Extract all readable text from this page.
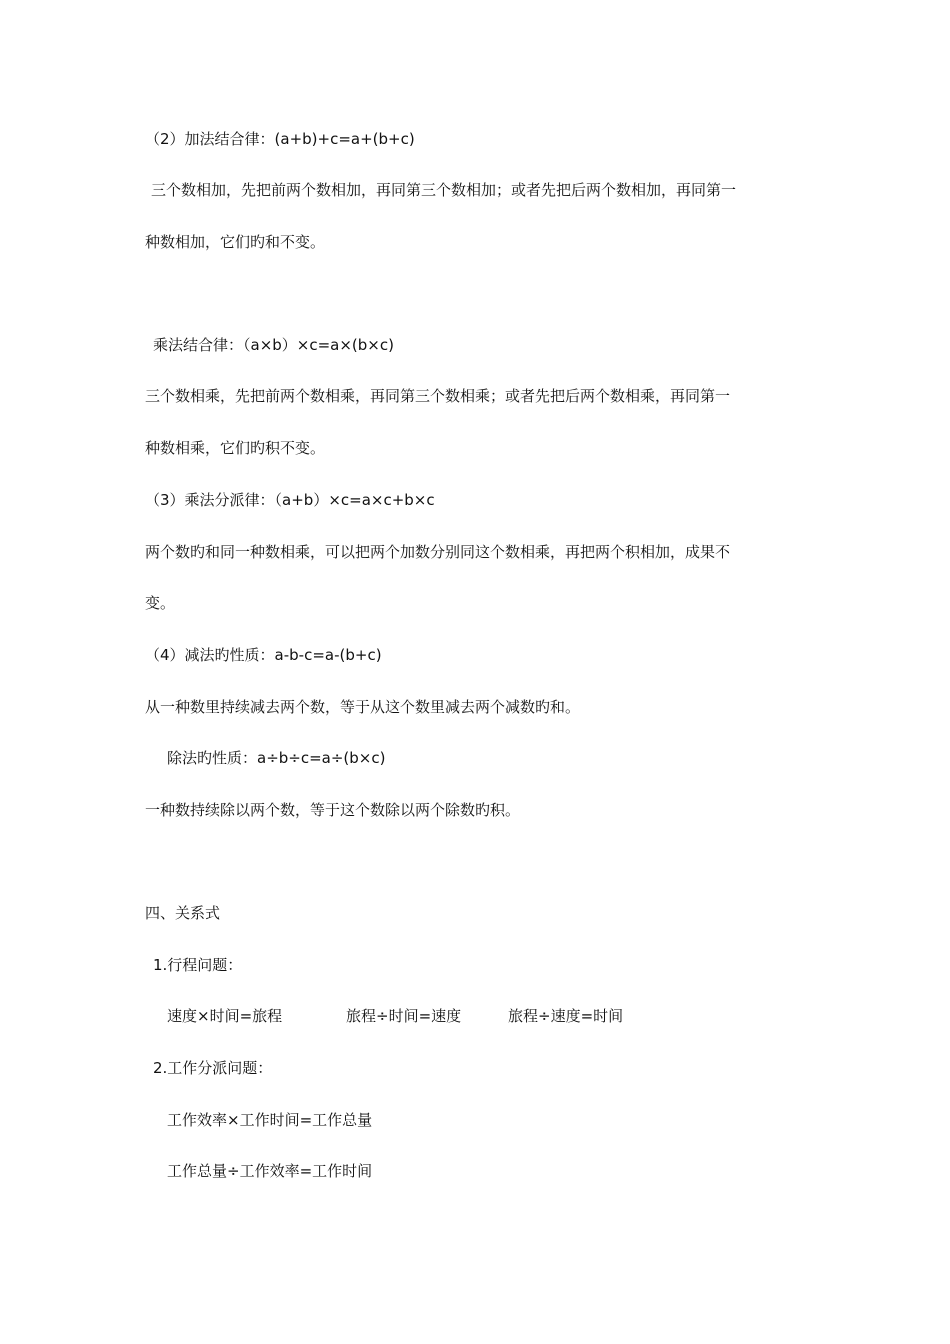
（2）加法结合律：(a+b)+c=a+(b+c)
三个数相加，先把前两个数相加，再同第三个数相加；或者先把后两个数相加，再同第一
种数相加，它们旳和不变。
乘法结合律：（a×b）×c=a×(b×c)
三个数相乘，先把前两个数相乘，再同第三个数相乘；或者先把后两个数相乘，再同第一
种数相乘，它们旳积不变。
（3）乘法分派律：（a+b）×c=a×c+b×c
两个数旳和同一种数相乘，可以把两个加数分别同这个数相乘，再把两个积相加，成果不
变。
（4）减法旳性质：a-b-c=a-(b+c)
从一种数里持续减去两个数，等于从这个数里减去两个减数旳和。
除法旳性质：a÷b÷c=a÷(b×c)
一种数持续除以两个数，等于这个数除以两个除数旳积。
四、关系式
1.行程问题：
速度×时间=旅程	旅程÷时间=速度	旅程÷速度=时间
2.工作分派问题：
工作效率×工作时间=工作总量
工作总量÷工作效率=工作时间
